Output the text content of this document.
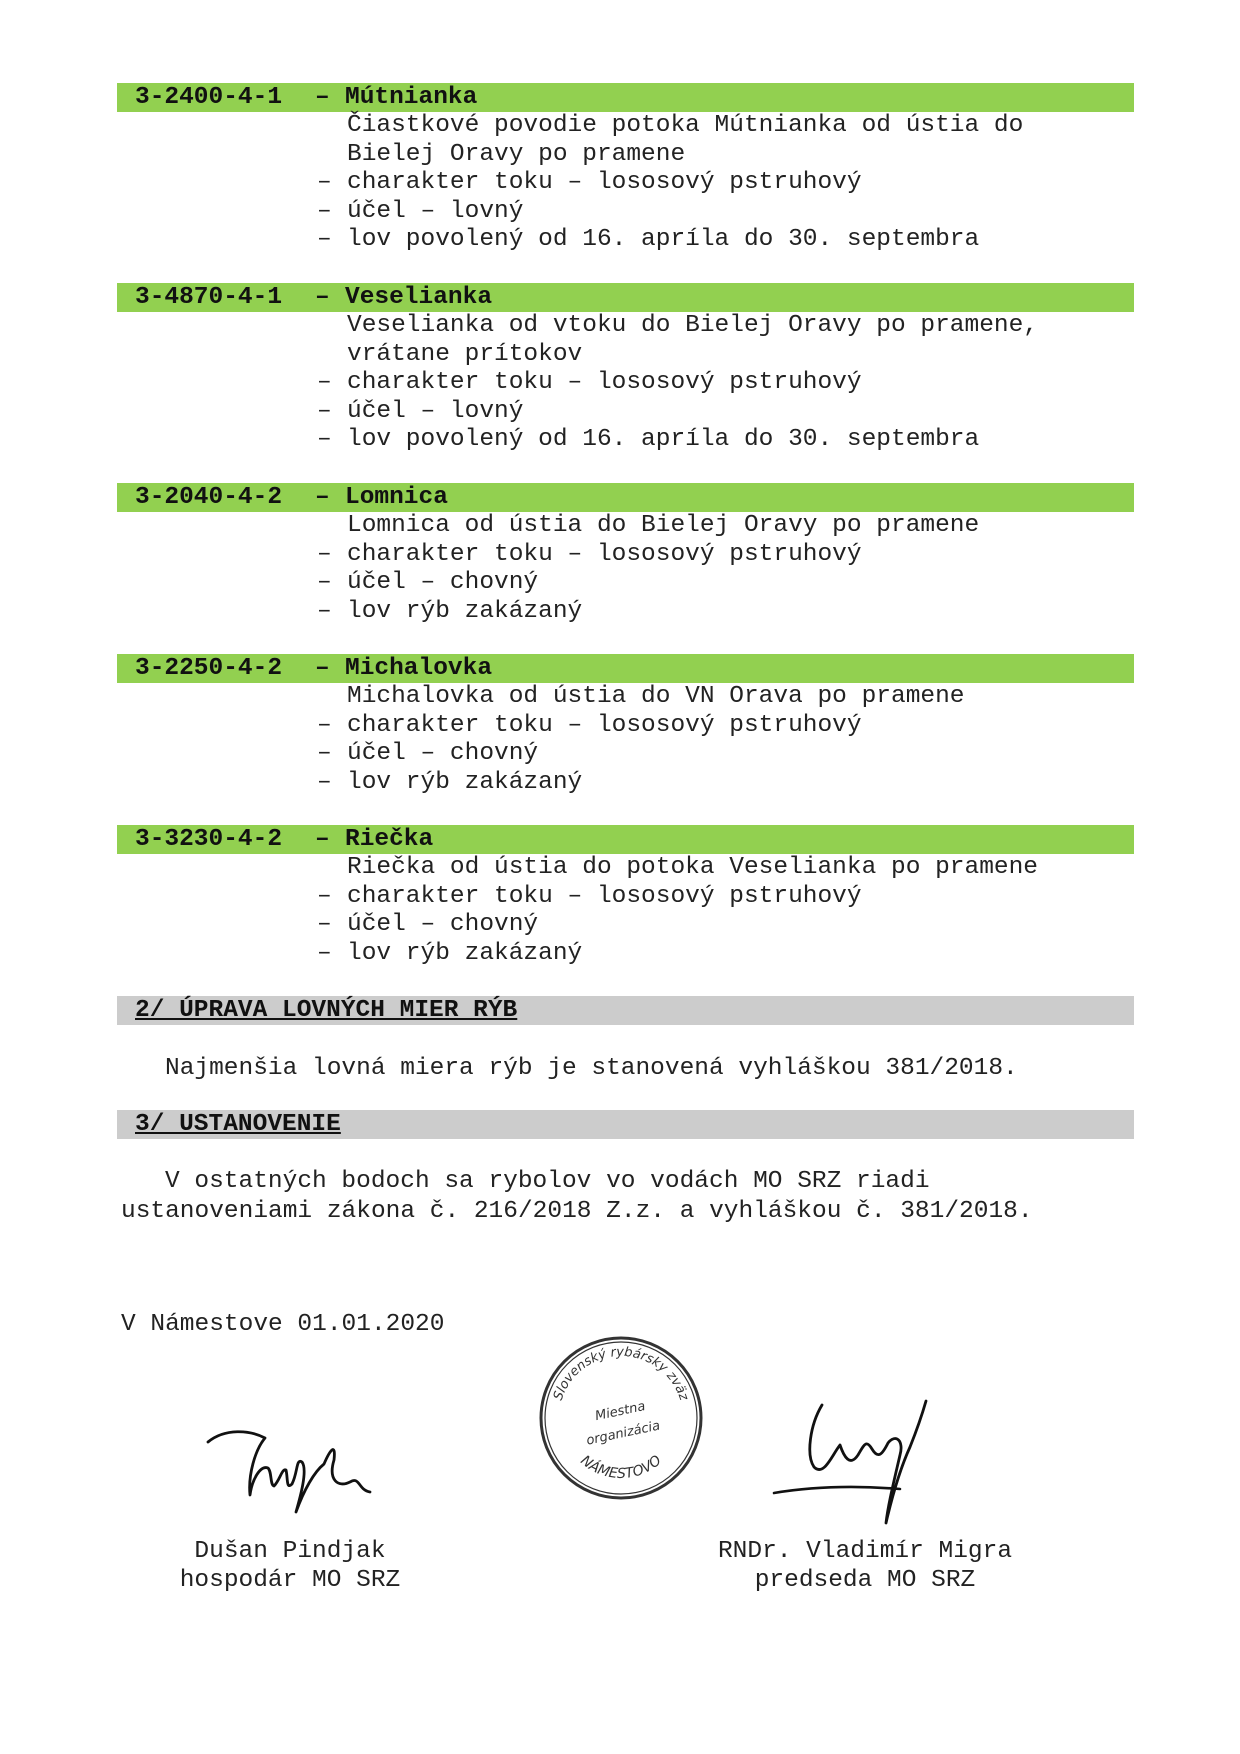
3-2400-4-1	– Mútnianka
Čiastkové povodie potoka Mútnianka od ústia do
Bielej Oravy po pramene
– charakter toku – lososový pstruhový
– účel – lovný
– lov povolený od 16. apríla do 30. septembra
3-4870-4-1	– Veselianka
Veselianka od vtoku do Bielej Oravy po pramene,
vrátane prítokov
– charakter toku – lososový pstruhový
– účel – lovný
– lov povolený od 16. apríla do 30. septembra
3-2040-4-2	– Lomnica
Lomnica od ústia do Bielej Oravy po pramene
– charakter toku – lososový pstruhový
– účel – chovný
– lov rýb zakázaný
3-2250-4-2	– Michalovka
Michalovka od ústia do VN Orava po pramene
– charakter toku – lososový pstruhový
– účel – chovný
– lov rýb zakázaný
3-3230-4-2	– Riečka
Riečka od ústia do potoka Veselianka po pramene
– charakter toku – lososový pstruhový
– účel – chovný
– lov rýb zakázaný
2/ ÚPRAVA LOVNÝCH MIER RÝB
Najmenšia lovná miera rýb je stanovená vyhláškou 381/2018.
3/ USTANOVENIE
V ostatných bodoch sa rybolov vo vodách MO SRZ riadi
ustanoveniami zákona č. 216/2018 Z.z. a vyhláškou č. 381/2018.
V Námestove 01.01.2020
Slovenský rybársky zväz
NÁMESTOVO
Miestna
organizácia
Dušan Pindjak
hospodár MO SRZ
RNDr. Vladimír Migra
predseda MO SRZ
